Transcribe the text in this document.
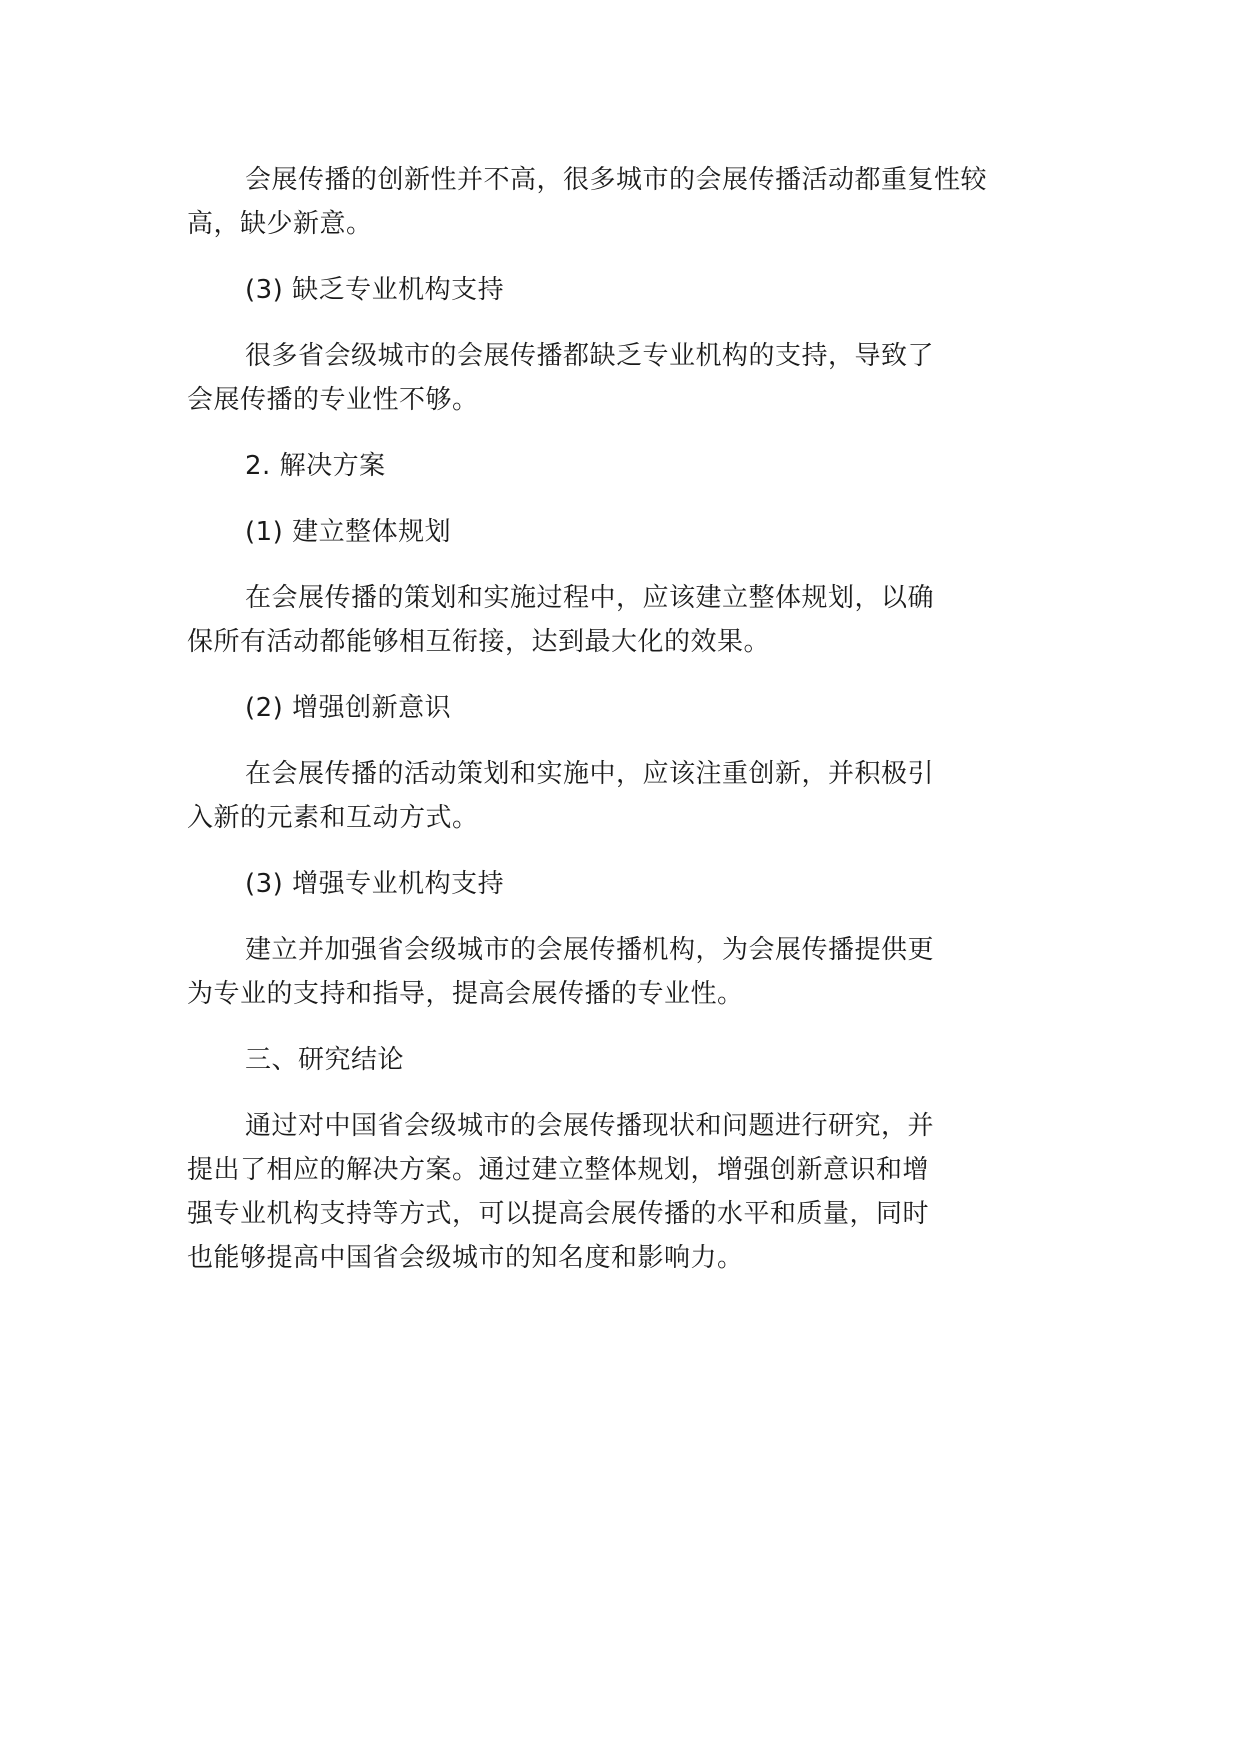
会展传播的创新性并不高，很多城市的会展传播活动都重复性较高，缺少新意。

(3) 缺乏专业机构支持

很多省会级城市的会展传播都缺乏专业机构的支持，导致了会展传播的专业性不够。

2. 解决方案

(1) 建立整体规划

在会展传播的策划和实施过程中，应该建立整体规划，以确保所有活动都能够相互衔接，达到最大化的效果。

(2) 增强创新意识

在会展传播的活动策划和实施中，应该注重创新，并积极引入新的元素和互动方式。

(3) 增强专业机构支持

建立并加强省会级城市的会展传播机构，为会展传播提供更为专业的支持和指导，提高会展传播的专业性。

三、研究结论

通过对中国省会级城市的会展传播现状和问题进行研究，并提出了相应的解决方案。通过建立整体规划，增强创新意识和增强专业机构支持等方式，可以提高会展传播的水平和质量，同时也能够提高中国省会级城市的知名度和影响力。
